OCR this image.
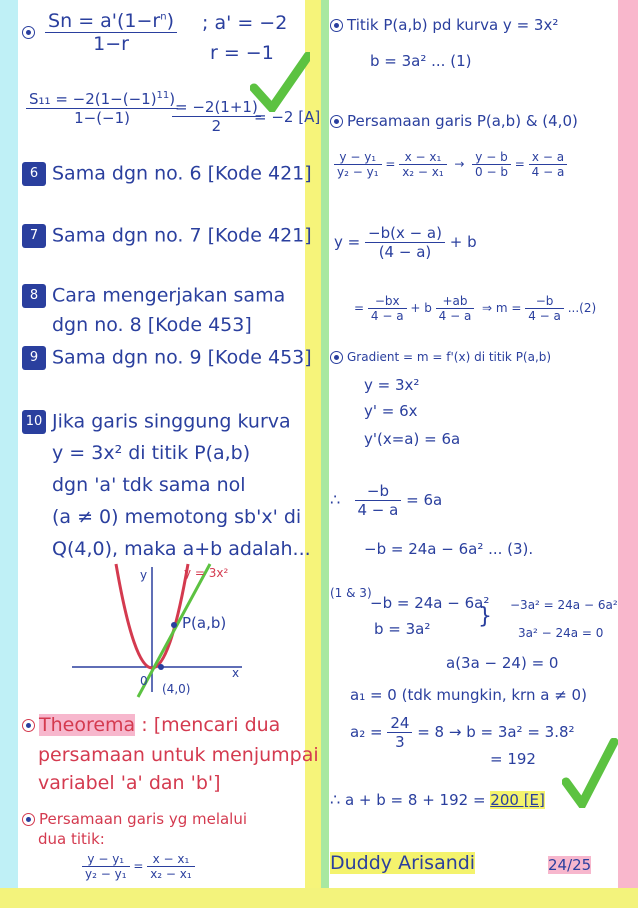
$\frac{Sn = a'(1-r^n)}{1-r}$ ; a' = −2
r = −1
$\frac{S_{11} = -2(1-(-1)^{11})}{1-(-1)}$
$\frac{= -2(1+1)}{2}$
= −2 [A]
6 Sama dgn no. 6 [Kode 421]
7 Sama dgn no. 7 [Kode 421]
8 Cara mengerjakan sama
dgn no. 8 [Kode 453]
9 Sama dgn no. 9 [Kode 453]
10 Jika garis singgung kurva
y = 3x² di titik P(a,b)
dgn 'a' tdk sama nol
(a ≠ 0) memotong sb'x' di
Q(4,0), maka a+b adalah...
y	y = 3x²
P(a,b)
x
0
(4,0)
Theorema : [mencari dua
persamaan untuk menjumpai
variabel 'a' dan 'b']
Persamaan garis yg melalui
dua titik:
$\frac{\text{y − y₁}}{\text{y₂ − y₁}} = \frac{\text{x − x₁}}{\text{x₂ − x₁}}$
Titik P(a,b) pd kurva y = 3x²
b = 3a² ... (1)
Persamaan garis P(a,b) & (4,0)
$\frac{\text{y − y₁}}{\text{y₂ − y₁}} = \frac{\text{x − x₁}}{\text{x₂ − x₁}} \to \frac{y - b}{0 - b} = \frac{x - a}{4 - a}$
$y = \frac{-b(x - a)}{(4 - a)} + b$
= $\frac{-bx}{4 - a} + b \frac{+ab}{4 - a}$ ⇒ $m = \frac{-b}{4 - a} ...(2)$
Gradient = m = f'(x) di titik P(a,b)
y = 3x²
y' = 6x
y'(x=a) = 6a
∴ $\frac{-b}{4 - a} = 6a$
−b = 24a − 6a² ... (3).
(1 & 3)
−b = 24a − 6a²
b = 3a² } −3a² = 24a − 6a²
3a² − 24a = 0
a(3a − 24) = 0
a₁ = 0 (tdk mungkin, krn a ≠ 0)
$a_2 = \frac{24}{3} = 8 \to b = 3a^2 = 3.8^2$
= 192
∴ a + b = 8 + 192 = 200 [E]
Duddy Arisandi	24/25
